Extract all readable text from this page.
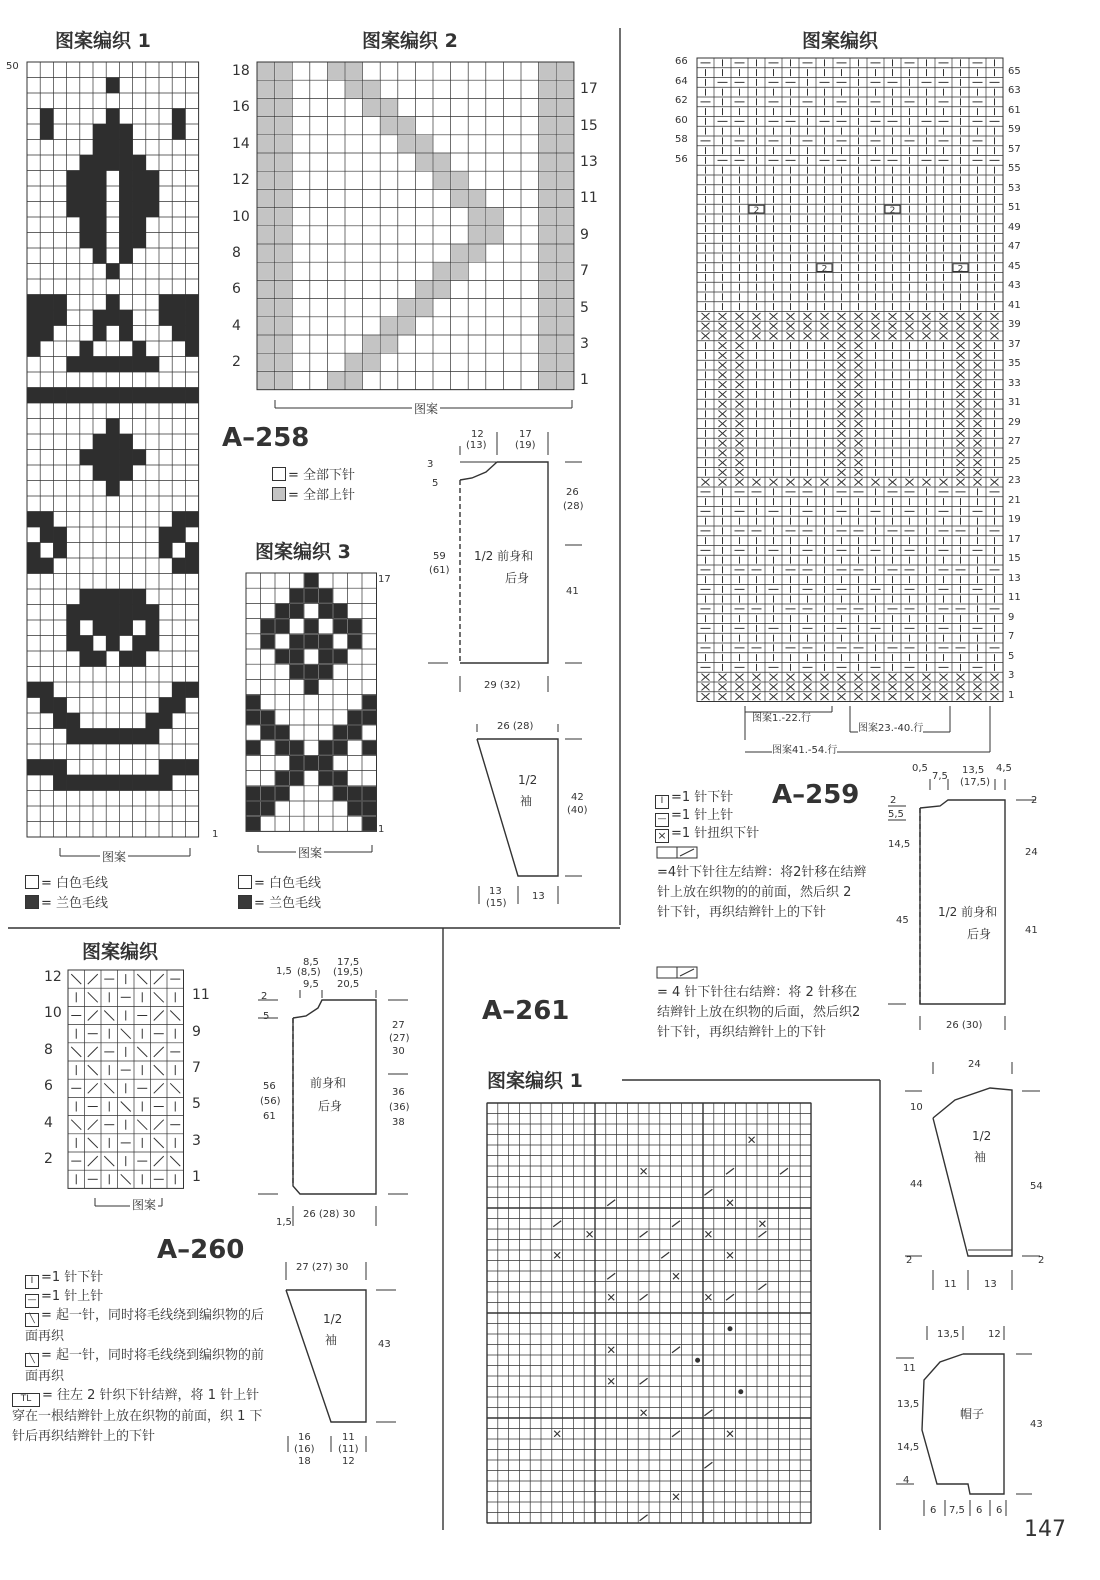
2	2
2	2
图案编织 1
50
1
图案
图案编织 2
图案
A–258
= 全部下针
= 全部上针
图案编织 3
17
1
图案
= 白色毛线
= 兰色毛线
= 白色毛线
= 兰色毛线
12
(13)
17
(19)
3
5
26
(28)
59
(61)
41
1/2 前身和
后身
29 (32)
26 (28)
1/2
袖	42
(40)
13
(15)
13
图案编织
图案1.-22.行
图案23.-40.行
图案41.-54.行
A–259
I =1 针下针
— =1 针上针
× =1 针扭织下针
=4针下针往左结辫：将2针移在结辫针上放在织物的的前面，然后织 2 针下针，再织结辫针上的下针
= 4 针下针往右结辫：将 2 针移在结辫针上放在织物的后面，然后织2针下针，再织结辫针上的下针
0,5
7,5
13,5
(17,5)
4,5
2
5,5
14,5
45
2
24
41
1/2 前身和
后身
26 (30)
24
10
44	54
2	2
1/2
袖
11	13
13,5	12
11
13,5
14,5
4
43
帽子
6 7,5 6 6
图案编织
图案
A–260
8,5
(8,5)
9,5
17,5
(19,5)
20,5
1,5
2
5
27
(27)
30
56
(56)
61
36
(36)
38
前身和
后身
1,5
26 (28) 30
27 (27) 30
1/2
袖	43
16
(16)
18
11
(11)
12
I =1 针下针
— =1 针上针
╲ = 起一针，同时将毛线绕到编织物的后面再织
╲ = 起一针，同时将毛线绕到编织物的前面再织
TL = 往左 2 针织下针结辫，将 1 针上针穿在一根结辫针上放在织物的前面，织 1 下针后再织结辫针上的下针
A–261
图案编织 1
147
66
64
62
60
58
56
65
63
61
59
57
55
53
51
49
47
45
43
41
39
37
35
33
31
29
27
25
23
21
19
17
15
13
11
9
7
5
3
1
18
16
14
12
10
8
6
4
2
17
15
13
11
9
7
5
3
1
12
10
8
6
4
2
11
9
7
5
3
1
